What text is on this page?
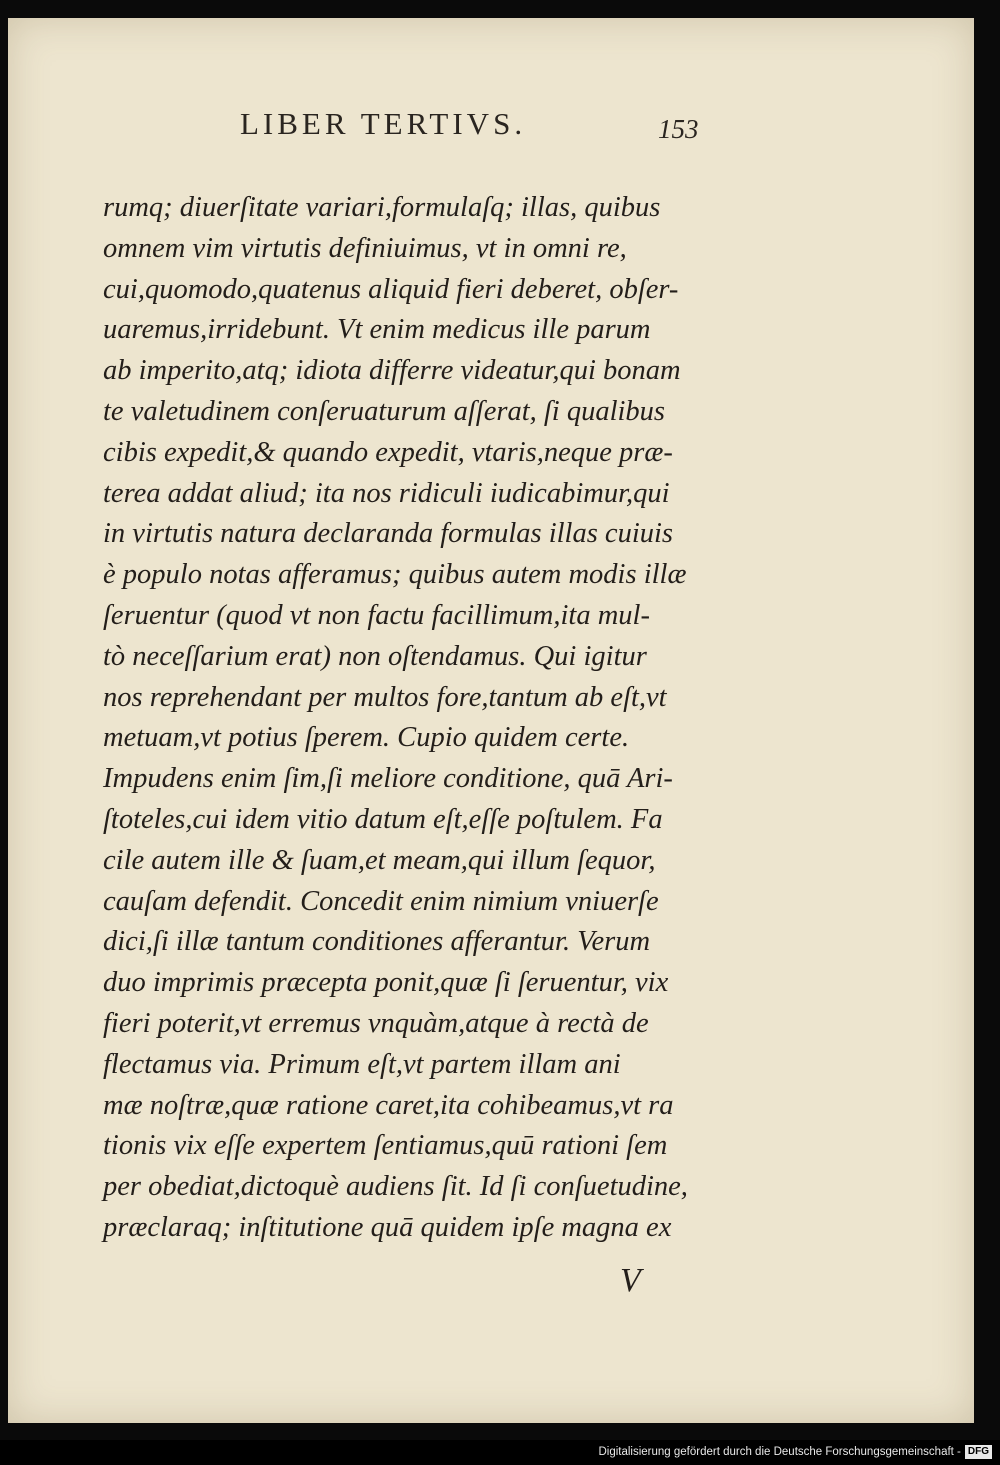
LIBER TERTIVS.	153
rumq; diuerſitate variari,formulaſq; illas, quibus
omnem vim virtutis definiuimus, vt in omni re,
cui,quomodo,quatenus aliquid fieri deberet, obſer-
uaremus,irridebunt. Vt enim medicus ille parum
ab imperito,atq; idiota differre videatur,qui bonam
te valetudinem conſeruaturum aſſerat, ſi qualibus
cibis expedit,& quando expedit, vtaris,neque præ-
terea addat aliud; ita nos ridiculi iudicabimur,qui
in virtutis natura declaranda formulas illas cuiuis
è populo notas afferamus; quibus autem modis illæ
ſeruentur (quod vt non factu facillimum,ita mul-
tò neceſſarium erat) non oſtendamus. Qui igitur
nos reprehendant per multos fore,tantum ab eſt,vt
metuam,vt potius ſperem. Cupio quidem certe.
Impudens enim ſim,ſi meliore conditione, quā Ari-
ſtoteles,cui idem vitio datum eſt,eſſe poſtulem. Fa
cile autem ille & ſuam,et meam,qui illum ſequor,
cauſam defendit. Concedit enim nimium vniuerſe
dici,ſi illæ tantum conditiones afferantur. Verum
duo imprimis præcepta ponit,quæ ſi ſeruentur, vix
fieri poterit,vt erremus vnquàm,atque à rectà de
flectamus via. Primum eſt,vt partem illam ani
mæ noſtræ,quæ ratione caret,ita cohibeamus,vt ra
tionis vix eſſe expertem ſentiamus,quū rationi ſem
per obediat,dictoquè audiens ſit. Id ſi conſuetudine,
præclaraq; inſtitutione quā quidem ipſe magna ex
V
Digitalisierung gefördert durch die Deutsche Forschungsgemeinschaft - DFG
